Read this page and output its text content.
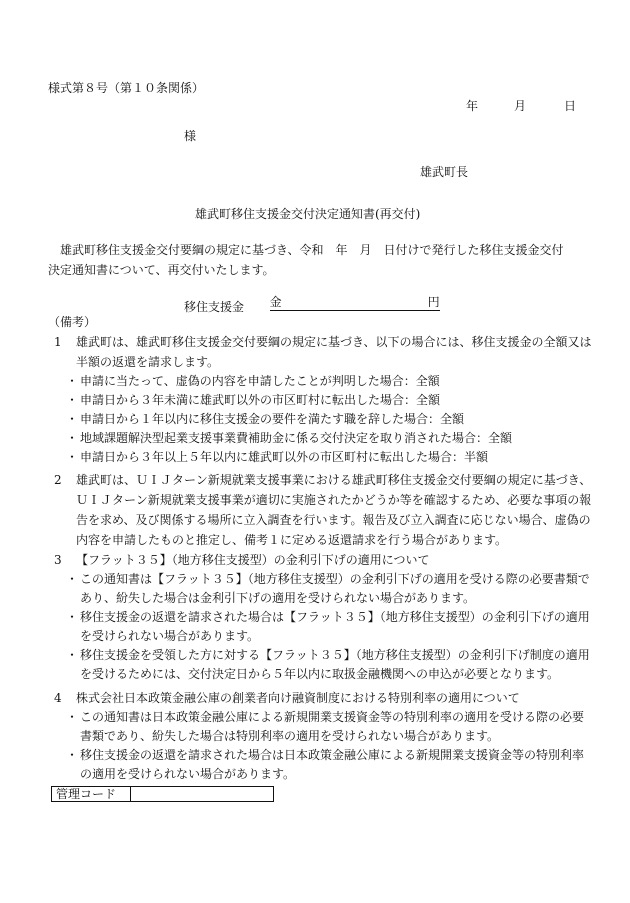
様式第８号（第１０条関係）
年	月	日
様
雄武町長
雄武町移住支援金交付決定通知書(再交付)
雄武町移住支援金交付要綱の規定に基づき、令和　年　月　日付けで発行した移住支援金交付
決定通知書について、再交付いたします。
移住支援金 金	円
（備考）
1	雄武町は、雄武町移住支援金交付要綱の規定に基づき、以下の場合には、移住支援金の全額又は半額の返還を請求します。
・ 申請に当たって、虚偽の内容を申請したことが判明した場合：全額
・ 申請日から３年未満に雄武町以外の市区町村に転出した場合：全額
・ 申請日から１年以内に移住支援金の要件を満たす職を辞した場合：全額
・ 地域課題解決型起業支援事業費補助金に係る交付決定を取り消された場合：全額
・ 申請日から３年以上５年以内に雄武町以外の市区町村に転出した場合：半額
2	雄武町は、ＵＩＪターン新規就業支援事業における雄武町移住支援金交付要綱の規定に基づき、ＵＩＪターン新規就業支援事業が適切に実施されたかどうか等を確認するため、必要な事項の報告を求め、及び関係する場所に立入調査を行います。報告及び立入調査に応じない場合、虚偽の内容を申請したものと推定し、備考１に定める返還請求を行う場合があります。
3	【フラット３５】（地方移住支援型）の金利引下げの適用について
・ この通知書は【フラット３５】（地方移住支援型）の金利引下げの適用を受ける際の必要書類であり、紛失した場合は金利引下げの適用を受けられない場合があります。
・ 移住支援金の返還を請求された場合は【フラット３５】（地方移住支援型）の金利引下げの適用を受けられない場合があります。
・ 移住支援金を受領した方に対する【フラット３５】（地方移住支援型）の金利引下げ制度の適用を受けるためには、交付決定日から５年以内に取扱金融機関への申込が必要となります。
4	株式会社日本政策金融公庫の創業者向け融資制度における特別利率の適用について
・ この通知書は日本政策金融公庫による新規開業支援資金等の特別利率の適用を受ける際の必要書類であり、紛失した場合は特別利率の適用を受けられない場合があります。
・ 移住支援金の返還を請求された場合は日本政策金融公庫による新規開業支援資金等の特別利率の適用を受けられない場合があります。
管理コード	
